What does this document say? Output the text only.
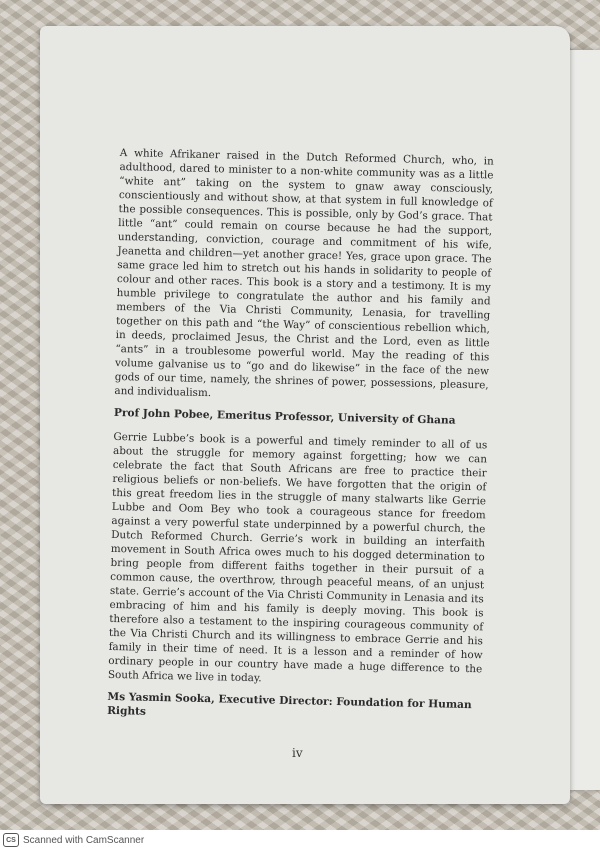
A white Afrikaner raised in the Dutch Reformed Church, who, in adulthood, dared to minister to a non-white community was as a little “white ant” taking on the system to gnaw away consciously, conscientiously and without show, at that system in full knowledge of the possible consequences. This is possible, only by God’s grace. That little “ant” could remain on course because he had the support, understanding, conviction, courage and commitment of his wife, Jeanetta and children—yet another grace! Yes, grace upon grace. The same grace led him to stretch out his hands in solidarity to people of colour and other races. This book is a story and a testimony. It is my humble privilege to congratulate the author and his family and members of the Via Christi Community, Lenasia, for travelling together on this path and “the Way” of conscientious rebellion which, in deeds, proclaimed Jesus, the Christ and the Lord, even as little “ants” in a troublesome powerful world. May the reading of this volume galvanise us to “go and do likewise” in the face of the new gods of our time, namely, the shrines of power, possessions, pleasure, and individualism.

Prof John Pobee, Emeritus Professor, University of Ghana

Gerrie Lubbe’s book is a powerful and timely reminder to all of us about the struggle for memory against forgetting; how we can celebrate the fact that South Africans are free to practice their religious beliefs or non-beliefs. We have forgotten that the origin of this great freedom lies in the struggle of many stalwarts like Gerrie Lubbe and Oom Bey who took a courageous stance for freedom against a very powerful state underpinned by a powerful church, the Dutch Reformed Church. Gerrie’s work in building an interfaith movement in South Africa owes much to his dogged determination to bring people from different faiths together in their pursuit of a common cause, the overthrow, through peaceful means, of an unjust state. Gerrie’s account of the Via Christi Community in Lenasia and its embracing of him and his family is deeply moving. This book is therefore also a testament to the inspiring courageous community of the Via Christi Church and its willingness to embrace Gerrie and his family in their time of need. It is a lesson and a reminder of how ordinary people in our country have made a huge difference to the South Africa we live in today.

Ms Yasmin Sooka, Executive Director: Foundation for Human Rights

iv
CS Scanned with CamScanner
